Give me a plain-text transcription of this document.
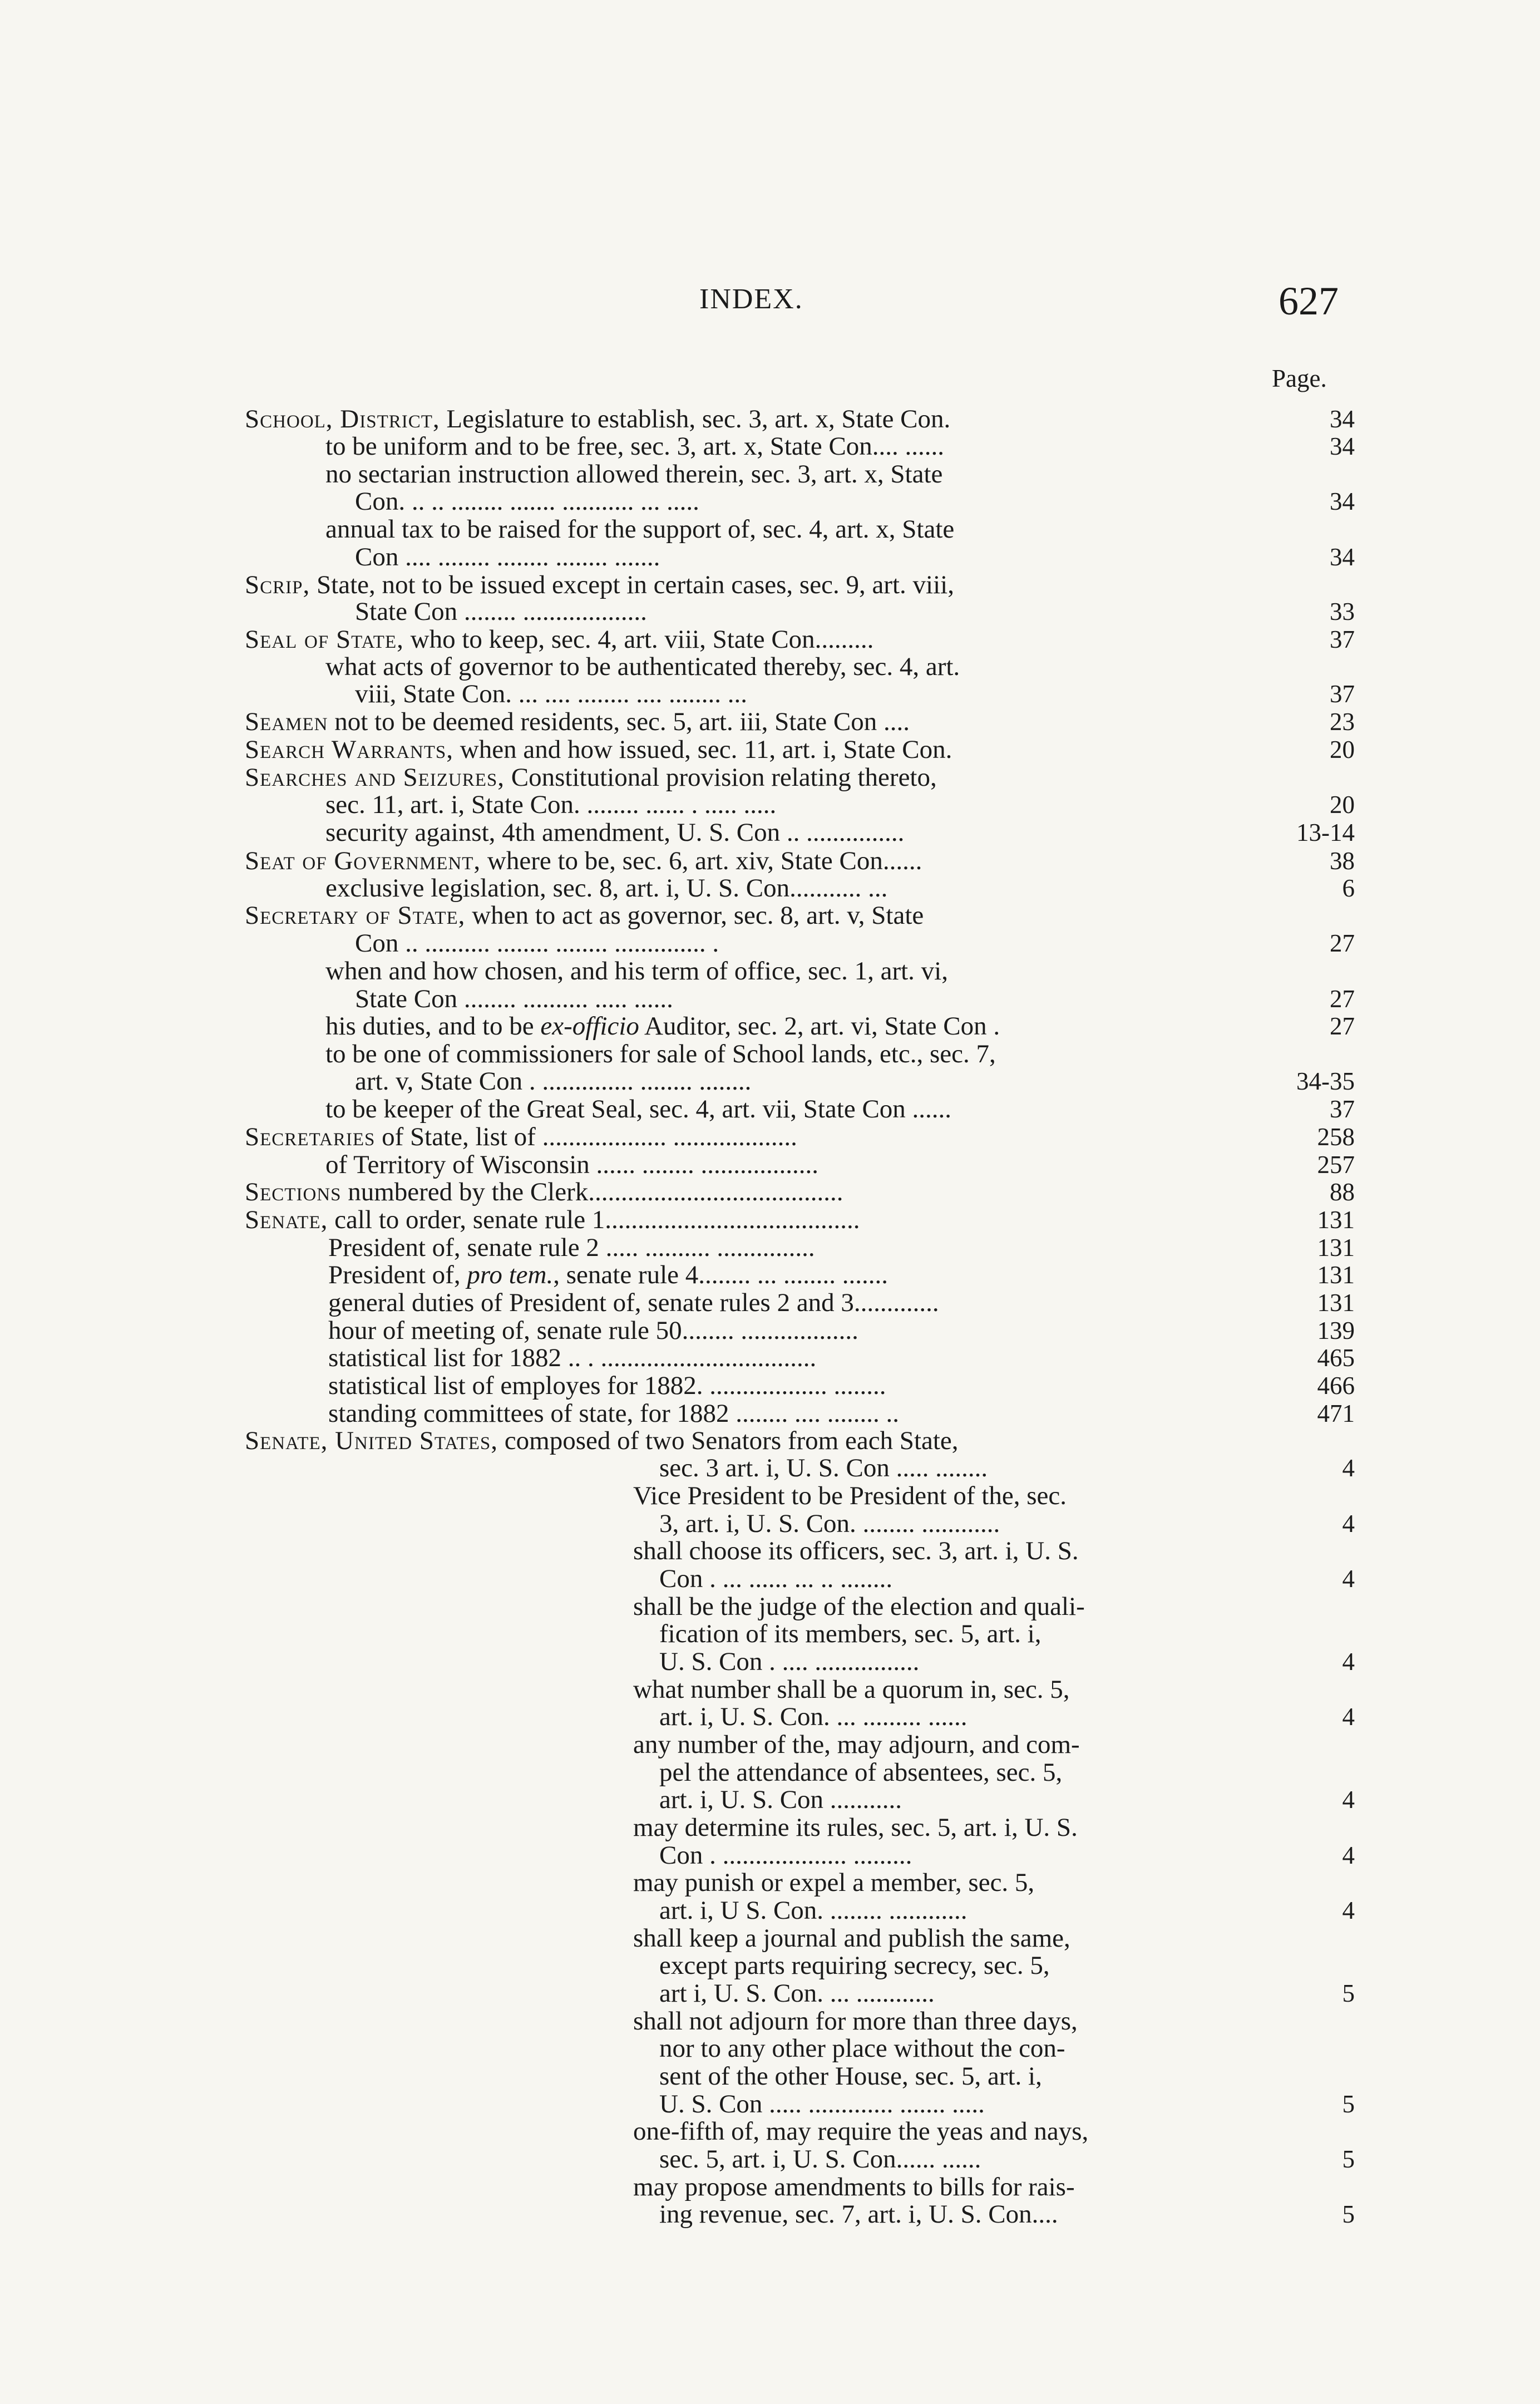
INDEX.	627
Page.
School, District, Legislature to establish, sec. 3, art. x, State Con.	34
to be uniform and to be free, sec. 3, art. x, State Con.... ......	34
no sectarian instruction allowed therein, sec. 3, art. x, State
Con. .. .. ........ ....... ........... ... .....	34
annual tax to be raised for the support of, sec. 4, art. x, State
Con .... ........ ........ ........ .......	34
Scrip, State, not to be issued except in certain cases, sec. 9, art. viii,
State Con ........ ...................	33
Seal of State, who to keep, sec. 4, art. viii, State Con.........	37
what acts of governor to be authenticated thereby, sec. 4, art.
viii, State Con. ... .... ........ .... ........ ...	37
Seamen not to be deemed residents, sec. 5, art. iii, State Con ....	23
Search Warrants, when and how issued, sec. 11, art. i, State Con.	20
Searches and Seizures, Constitutional provision relating thereto,
sec. 11, art. i, State Con. ........ ...... . ..... .....	20
security against, 4th amendment, U. S. Con .. ...............	13-14
Seat of Government, where to be, sec. 6, art. xiv, State Con......	38
exclusive legislation, sec. 8, art. i, U. S. Con........... ...	6
Secretary of State, when to act as governor, sec. 8, art. v, State
Con .. .......... ........ ........ .............. .	27
when and how chosen, and his term of office, sec. 1, art. vi,
State Con ........ .......... ..... ......	27
his duties, and to be ex-officio Auditor, sec. 2, art. vi, State Con .	27
to be one of commissioners for sale of School lands, etc., sec. 7,
art. v, State Con . .............. ........ ........	34-35
to be keeper of the Great Seal, sec. 4, art. vii, State Con ......	37
Secretaries of State, list of ................... ...................	258
of Territory of Wisconsin ...... ........ ..................	257
Sections numbered by the Clerk.......................................	88
Senate, call to order, senate rule 1.......................................	131
President of, senate rule 2 ..... .......... ...............	131
President of, pro tem., senate rule 4........ ... ........ .......	131
general duties of President of, senate rules 2 and 3.............	131
hour of meeting of, senate rule 50........ ..................	139
statistical list for 1882 .. . .................................	465
statistical list of employes for 1882. .................. ........	466
standing committees of state, for 1882 ........ .... ........ ..	471
Senate, United States, composed of two Senators from each State,
sec. 3 art. i, U. S. Con ..... ........	4
Vice President to be President of the, sec.
3, art. i, U. S. Con. ........ ............	4
shall choose its officers, sec. 3, art. i, U. S.
Con . ... ...... ... .. ........	4
shall be the judge of the election and quali-
fication of its members, sec. 5, art. i,
U. S. Con . .... ................	4
what number shall be a quorum in, sec. 5,
art. i, U. S. Con. ... ......... ......	4
any number of the, may adjourn, and com-
pel the attendance of absentees, sec. 5,
art. i, U. S. Con ...........	4
may determine its rules, sec. 5, art. i, U. S.
Con . ................... .........	4
may punish or expel a member, sec. 5,
art. i, U S. Con. ........ ............	4
shall keep a journal and publish the same,
except parts requiring secrecy, sec. 5,
art i, U. S. Con. ... ............	5
shall not adjourn for more than three days,
nor to any other place without the con-
sent of the other House, sec. 5, art. i,
U. S. Con ..... ............. ....... .....	5
one-fifth of, may require the yeas and nays,
sec. 5, art. i, U. S. Con...... ......	5
may propose amendments to bills for rais-
ing revenue, sec. 7, art. i, U. S. Con....	5
